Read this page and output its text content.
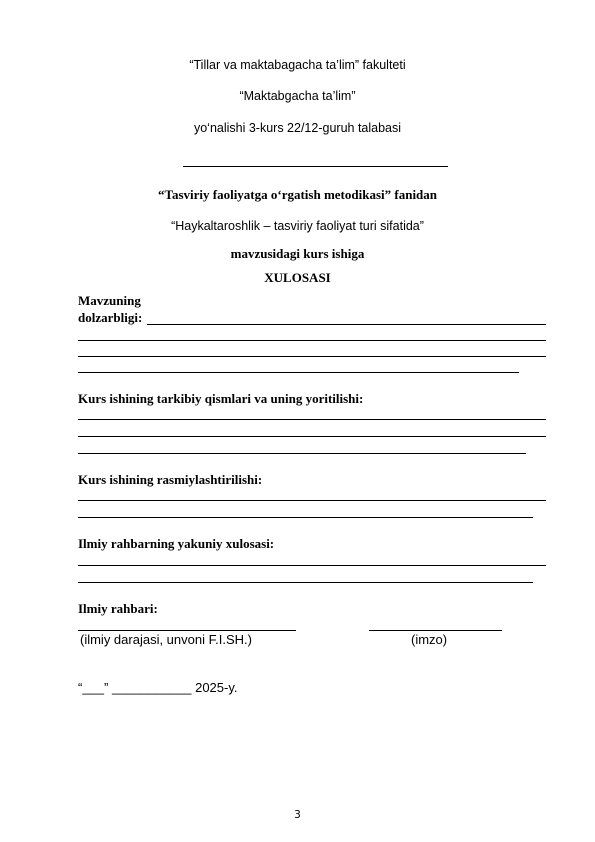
“Tillar va maktabagacha ta’lim” fakulteti
“Maktabgacha ta’lim”
yo‘nalishi 3-kurs 22/12-guruh talabasi
“Tasviriy faoliyatga o‘rgatish metodikasi” fanidan
“Haykaltaroshlik – tasviriy faoliyat turi sifatida”
mavzusidagi kurs ishiga
XULOSASI
Mavzuning
dolzarbligi:
Kurs ishining tarkibiy qismlari va uning yoritilishi:
Kurs ishining rasmiylashtirilishi:
Ilmiy rahbarning yakuniy xulosasi:
Ilmiy rahbari:
(ilmiy darajasi, unvoni F.I.SH.)	(imzo)
“___” ___________ 2025-y.
3
